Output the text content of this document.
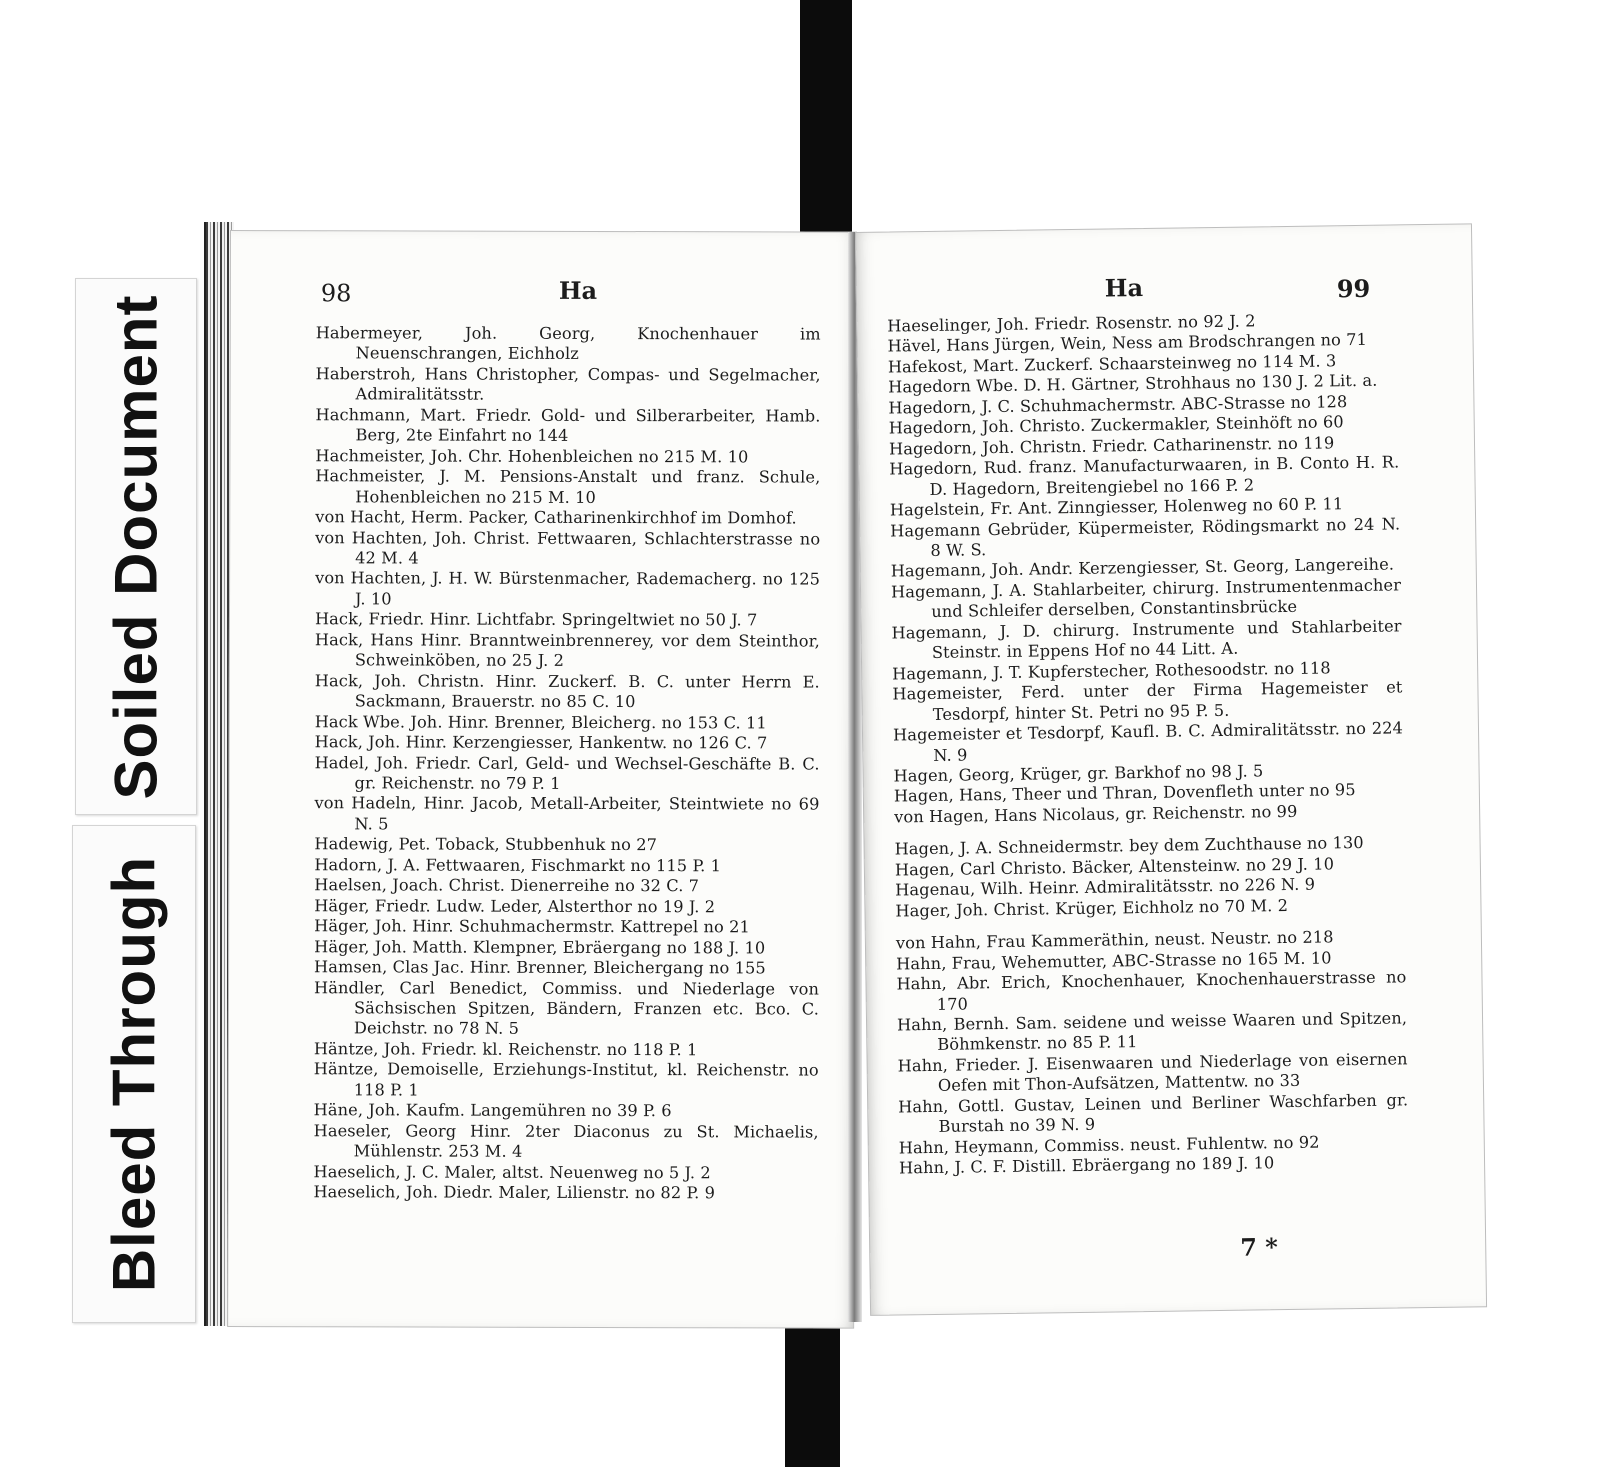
Soiled Document
Bleed Through
98	Ha
Habermeyer, Joh. Georg, Knochenhauer im Neuenschrangen, Eichholz
Haberstroh, Hans Christopher, Compas- und Segelmacher, Admiralitätsstr.
Hachmann, Mart. Friedr. Gold- und Silberarbeiter, Hamb. Berg, 2te Einfahrt no 144
Hachmeister, Joh. Chr. Hohenbleichen no 215 M. 10
Hachmeister, J. M. Pensions-Anstalt und franz. Schule, Hohenbleichen no 215 M. 10
von Hacht, Herm. Packer, Catharinenkirchhof im Domhof.
von Hachten, Joh. Christ. Fettwaaren, Schlachterstrasse no 42 M. 4
von Hachten, J. H. W. Bürstenmacher, Rademacherg. no 125 J. 10
Hack, Friedr. Hinr. Lichtfabr. Springeltwiet no 50 J. 7
Hack, Hans Hinr. Branntweinbrennerey, vor dem Steinthor, Schweinköben, no 25 J. 2
Hack, Joh. Christn. Hinr. Zuckerf. B. C. unter Herrn E. Sackmann, Brauerstr. no 85 C. 10
Hack Wbe. Joh. Hinr. Brenner, Bleicherg. no 153 C. 11
Hack, Joh. Hinr. Kerzengiesser, Hankentw. no 126 C. 7
Hadel, Joh. Friedr. Carl, Geld- und Wechsel-Geschäfte B. C. gr. Reichenstr. no 79 P. 1
von Hadeln, Hinr. Jacob, Metall-Arbeiter, Steintwiete no 69 N. 5
Hadewig, Pet. Toback, Stubbenhuk no 27
Hadorn, J. A. Fettwaaren, Fischmarkt no 115 P. 1
Haelsen, Joach. Christ. Dienerreihe no 32 C. 7
Häger, Friedr. Ludw. Leder, Alsterthor no 19 J. 2
Häger, Joh. Hinr. Schuhmachermstr. Kattrepel no 21
Häger, Joh. Matth. Klempner, Ebräergang no 188 J. 10
Hamsen, Clas Jac. Hinr. Brenner, Bleichergang no 155
Händler, Carl Benedict, Commiss. und Niederlage von Sächsischen Spitzen, Bändern, Franzen etc. Bco. C. Deichstr. no 78 N. 5
Häntze, Joh. Friedr. kl. Reichenstr. no 118 P. 1
Häntze, Demoiselle, Erziehungs-Institut, kl. Reichenstr. no 118 P. 1
Häne, Joh. Kaufm. Langemühren no 39 P. 6
Haeseler, Georg Hinr. 2ter Diaconus zu St. Michaelis, Mühlenstr. 253 M. 4
Haeselich, J. C. Maler, altst. Neuenweg no 5 J. 2
Haeselich, Joh. Diedr. Maler, Lilienstr. no 82 P. 9
Ha	99
Haeselinger, Joh. Friedr. Rosenstr. no 92 J. 2
Hävel, Hans Jürgen, Wein, Ness am Brodschrangen no 71
Hafekost, Mart. Zuckerf. Schaarsteinweg no 114 M. 3
Hagedorn Wbe. D. H. Gärtner, Strohhaus no 130 J. 2 Lit. a.
Hagedorn, J. C. Schuhmachermstr. ABC-Strasse no 128
Hagedorn, Joh. Christo. Zuckermakler, Steinhöft no 60
Hagedorn, Joh. Christn. Friedr. Catharinenstr. no 119
Hagedorn, Rud. franz. Manufacturwaaren, in B. Conto H. R. D. Hagedorn, Breitengiebel no 166 P. 2
Hagelstein, Fr. Ant. Zinngiesser, Holenweg no 60 P. 11
Hagemann Gebrüder, Küpermeister, Rödingsmarkt no 24 N. 8 W. S.
Hagemann, Joh. Andr. Kerzengiesser, St. Georg, Langereihe.
Hagemann, J. A. Stahlarbeiter, chirurg. Instrumentenmacher und Schleifer derselben, Constantinsbrücke
Hagemann, J. D. chirurg. Instrumente und Stahlarbeiter Steinstr. in Eppens Hof no 44 Litt. A.
Hagemann, J. T. Kupferstecher, Rothesoodstr. no 118
Hagemeister, Ferd. unter der Firma Hagemeister et Tesdorpf, hinter St. Petri no 95 P. 5.
Hagemeister et Tesdorpf, Kaufl. B. C. Admiralitätsstr. no 224 N. 9
Hagen, Georg, Krüger, gr. Barkhof no 98 J. 5
Hagen, Hans, Theer und Thran, Dovenfleth unter no 95
von Hagen, Hans Nicolaus, gr. Reichenstr. no 99
Hagen, J. A. Schneidermstr. bey dem Zuchthause no 130
Hagen, Carl Christo. Bäcker, Altensteinw. no 29 J. 10
Hagenau, Wilh. Heinr. Admiralitätsstr. no 226 N. 9
Hager, Joh. Christ. Krüger, Eichholz no 70 M. 2
von Hahn, Frau Kammeräthin, neust. Neustr. no 218
Hahn, Frau, Wehemutter, ABC-Strasse no 165 M. 10
Hahn, Abr. Erich, Knochenhauer, Knochenhauerstrasse no 170
Hahn, Bernh. Sam. seidene und weisse Waaren und Spitzen, Böhmkenstr. no 85 P. 11
Hahn, Frieder. J. Eisenwaaren und Niederlage von eisernen Oefen mit Thon-Aufsätzen, Mattentw. no 33
Hahn, Gottl. Gustav, Leinen und Berliner Waschfarben gr. Burstah no 39 N. 9
Hahn, Heymann, Commiss. neust. Fuhlentw. no 92
Hahn, J. C. F. Distill. Ebräergang no 189 J. 10
7 *
